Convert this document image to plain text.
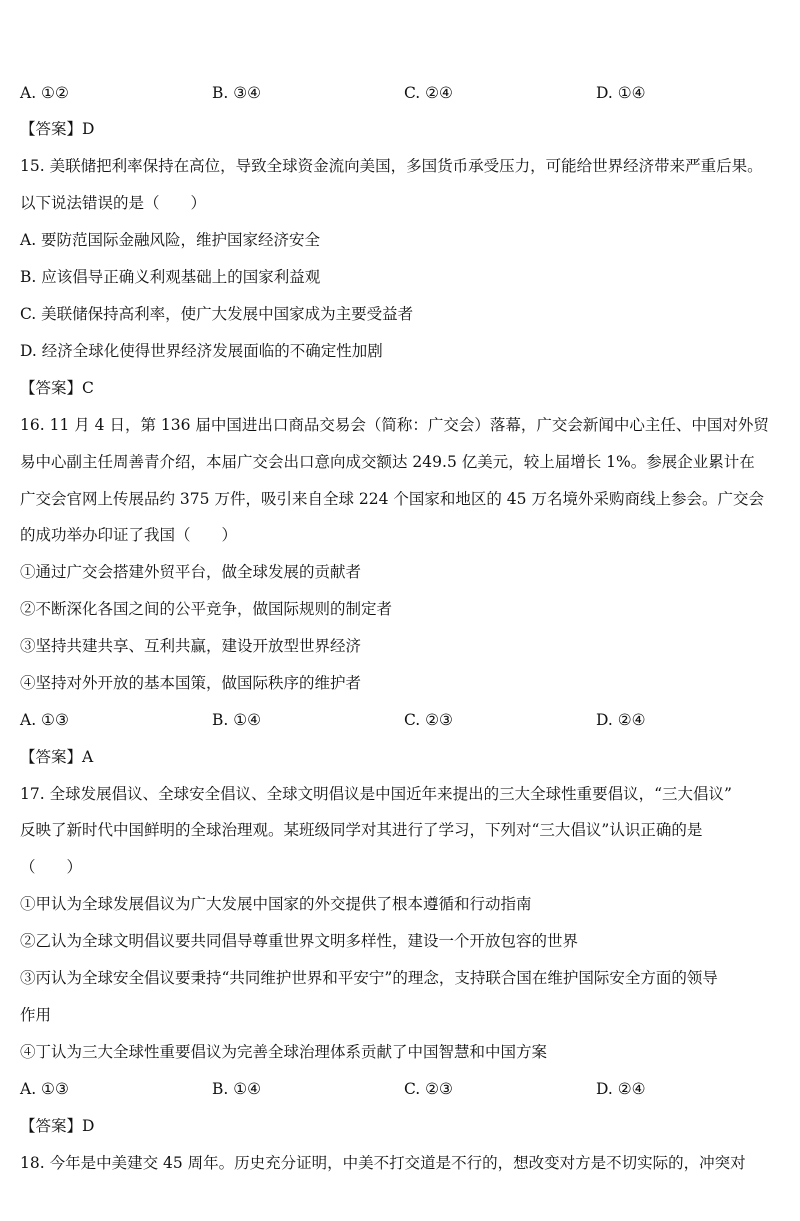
A. ①②	B. ③④	C. ②④	D. ①④
【答案】D
15. 美联储把利率保持在高位，导致全球资金流向美国，多国货币承受压力，可能给世界经济带来严重后果。
以下说法错误的是（　　）
A. 要防范国际金融风险，维护国家经济安全
B. 应该倡导正确义利观基础上的国家利益观
C. 美联储保持高利率，使广大发展中国家成为主要受益者
D. 经济全球化使得世界经济发展面临的不确定性加剧
【答案】C
16. 11 月 4 日，第 136 届中国进出口商品交易会（简称：广交会）落幕，广交会新闻中心主任、中国对外贸
易中心副主任周善青介绍，本届广交会出口意向成交额达 249.5 亿美元，较上届增长 1%。参展企业累计在
广交会官网上传展品约 375 万件，吸引来自全球 224 个国家和地区的 45 万名境外采购商线上参会。广交会
的成功举办印证了我国（　　）
①通过广交会搭建外贸平台，做全球发展的贡献者
②不断深化各国之间的公平竞争，做国际规则的制定者
③坚持共建共享、互利共赢，建设开放型世界经济
④坚持对外开放的基本国策，做国际秩序的维护者
A. ①③	B. ①④	C. ②③	D. ②④
【答案】A
17. 全球发展倡议、全球安全倡议、全球文明倡议是中国近年来提出的三大全球性重要倡议，“三大倡议”
反映了新时代中国鲜明的全球治理观。某班级同学对其进行了学习，下列对“三大倡议”认识正确的是
（　　）
①甲认为全球发展倡议为广大发展中国家的外交提供了根本遵循和行动指南
②乙认为全球文明倡议要共同倡导尊重世界文明多样性，建设一个开放包容的世界
③丙认为全球安全倡议要秉持“共同维护世界和平安宁”的理念，支持联合国在维护国际安全方面的领导
作用
④丁认为三大全球性重要倡议为完善全球治理体系贡献了中国智慧和中国方案
A. ①③	B. ①④	C. ②③	D. ②④
【答案】D
18. 今年是中美建交 45 周年。历史充分证明，中美不打交道是不行的，想改变对方是不切实际的，冲突对
